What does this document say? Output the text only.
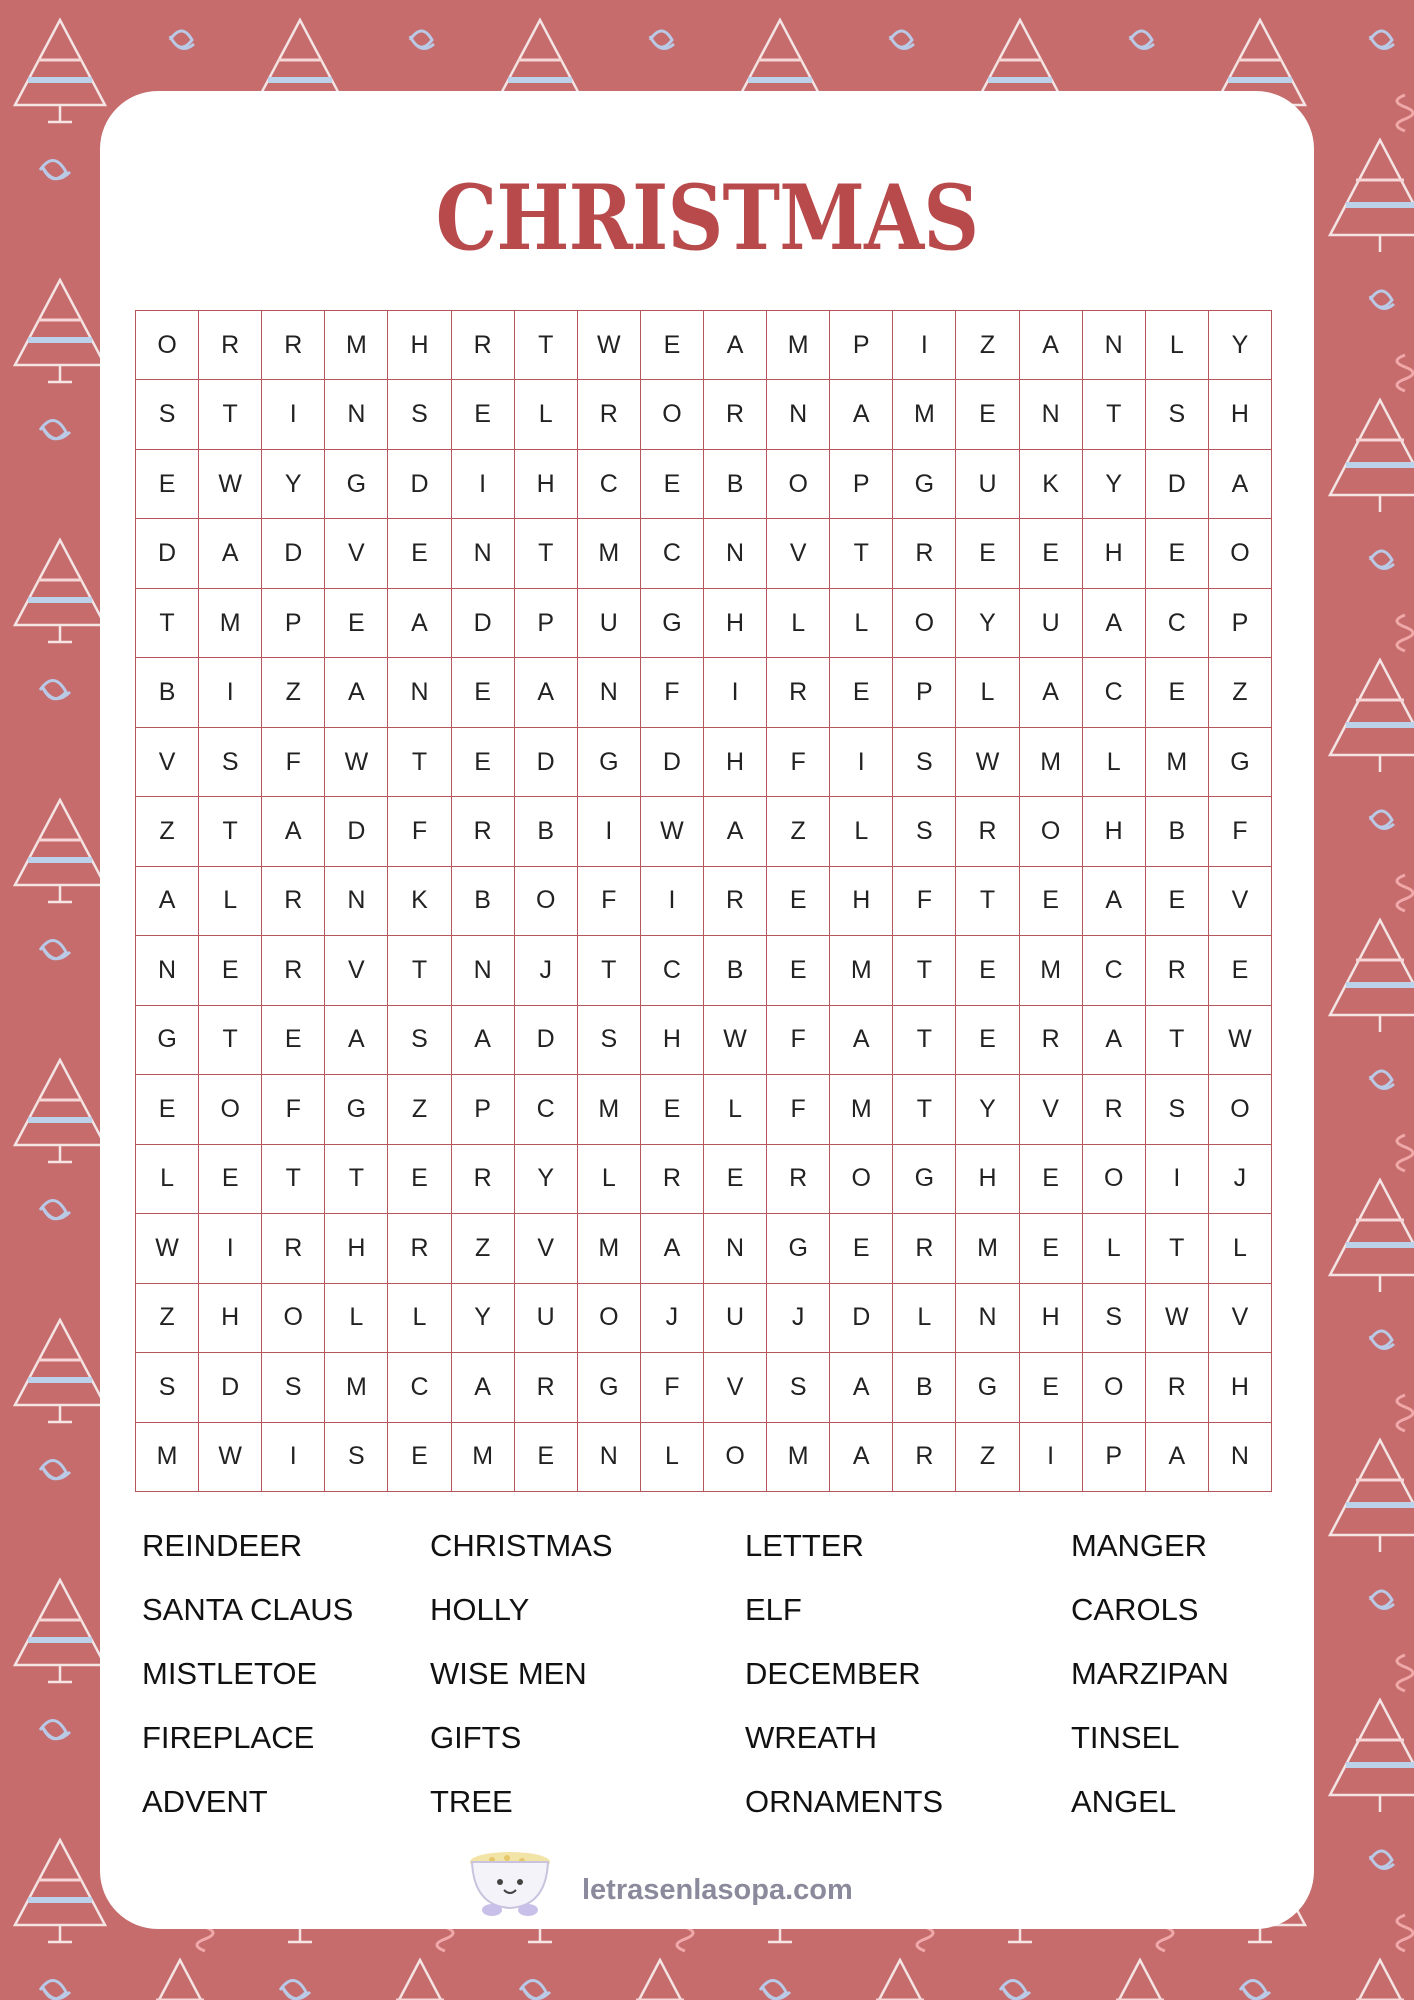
CHRISTMAS
O	R	R	M	H	R	T	W	E	A	M	P	I	Z	A	N	L	Y
S	T	I	N	S	E	L	R	O	R	N	A	M	E	N	T	S	H
E	W	Y	G	D	I	H	C	E	B	O	P	G	U	K	Y	D	A
D	A	D	V	E	N	T	M	C	N	V	T	R	E	E	H	E	O
T	M	P	E	A	D	P	U	G	H	L	L	O	Y	U	A	C	P
B	I	Z	A	N	E	A	N	F	I	R	E	P	L	A	C	E	Z
V	S	F	W	T	E	D	G	D	H	F	I	S	W	M	L	M	G
Z	T	A	D	F	R	B	I	W	A	Z	L	S	R	O	H	B	F
A	L	R	N	K	B	O	F	I	R	E	H	F	T	E	A	E	V
N	E	R	V	T	N	J	T	C	B	E	M	T	E	M	C	R	E
G	T	E	A	S	A	D	S	H	W	F	A	T	E	R	A	T	W
E	O	F	G	Z	P	C	M	E	L	F	M	T	Y	V	R	S	O
L	E	T	T	E	R	Y	L	R	E	R	O	G	H	E	O	I	J
W	I	R	H	R	Z	V	M	A	N	G	E	R	M	E	L	T	L
Z	H	O	L	L	Y	U	O	J	U	J	D	L	N	H	S	W	V
S	D	S	M	C	A	R	G	F	V	S	A	B	G	E	O	R	H
M	W	I	S	E	M	E	N	L	O	M	A	R	Z	I	P	A	N
REINDEER
SANTA CLAUS
MISTLETOE
FIREPLACE
ADVENT
CHRISTMAS
HOLLY
WISE MEN
GIFTS
TREE
LETTER
ELF
DECEMBER
WREATH
ORNAMENTS
MANGER
CAROLS
MARZIPAN
TINSEL
ANGEL
letrasenlasopa.com
